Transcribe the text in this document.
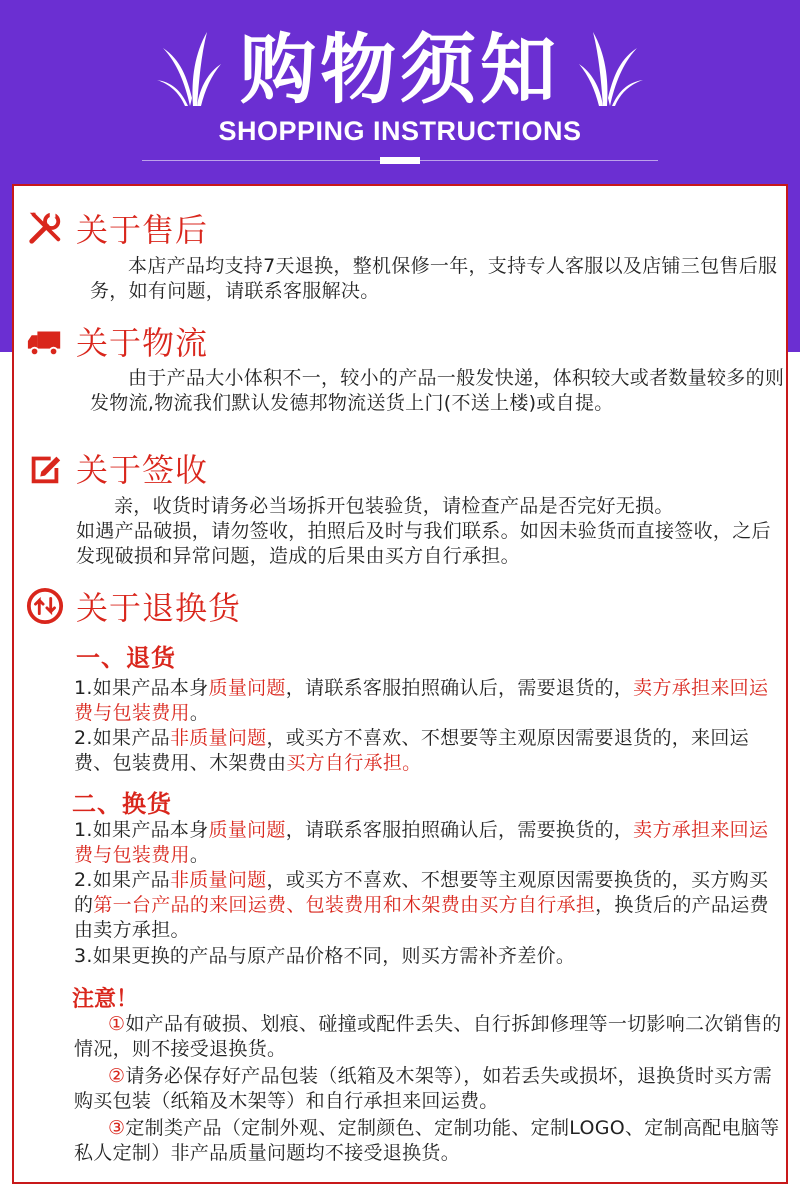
购物须知
SHOPPING INSTRUCTIONS
关于售后
本店产品均支持7天退换，整机保修一年，支持专人客服以及店铺三包售后服务，如有问题，请联系客服解决。
关于物流
由于产品大小体积不一，较小的产品一般发快递，体积较大或者数量较多的则发物流,物流我们默认发德邦物流送货上门(不送上楼)或自提。
关于签收
亲，收货时请务必当场拆开包装验货，请检查产品是否完好无损。
如遇产品破损，请勿签收，拍照后及时与我们联系。如因未验货而直接签收，之后发现破损和异常问题，造成的后果由买方自行承担。
关于退换货
一、退货
1.如果产品本身质量问题，请联系客服拍照确认后，需要退货的，卖方承担来回运费与包装费用。
2.如果产品非质量问题，或买方不喜欢、不想要等主观原因需要退货的，来回运费、包装费用、木架费由买方自行承担。
二、换货
1.如果产品本身质量问题，请联系客服拍照确认后，需要换货的，卖方承担来回运费与包装费用。
2.如果产品非质量问题，或买方不喜欢、不想要等主观原因需要换货的，买方购买的第一台产品的来回运费、包装费用和木架费由买方自行承担，换货后的产品运费由卖方承担。
3.如果更换的产品与原产品价格不同，则买方需补齐差价。
注意！
①如产品有破损、划痕、碰撞或配件丢失、自行拆卸修理等一切影响二次销售的情况，则不接受退换货。
②请务必保存好产品包装（纸箱及木架等），如若丢失或损坏，退换货时买方需购买包装（纸箱及木架等）和自行承担来回运费。
③定制类产品（定制外观、定制颜色、定制功能、定制LOGO、定制高配电脑等私人定制）非产品质量问题均不接受退换货。
